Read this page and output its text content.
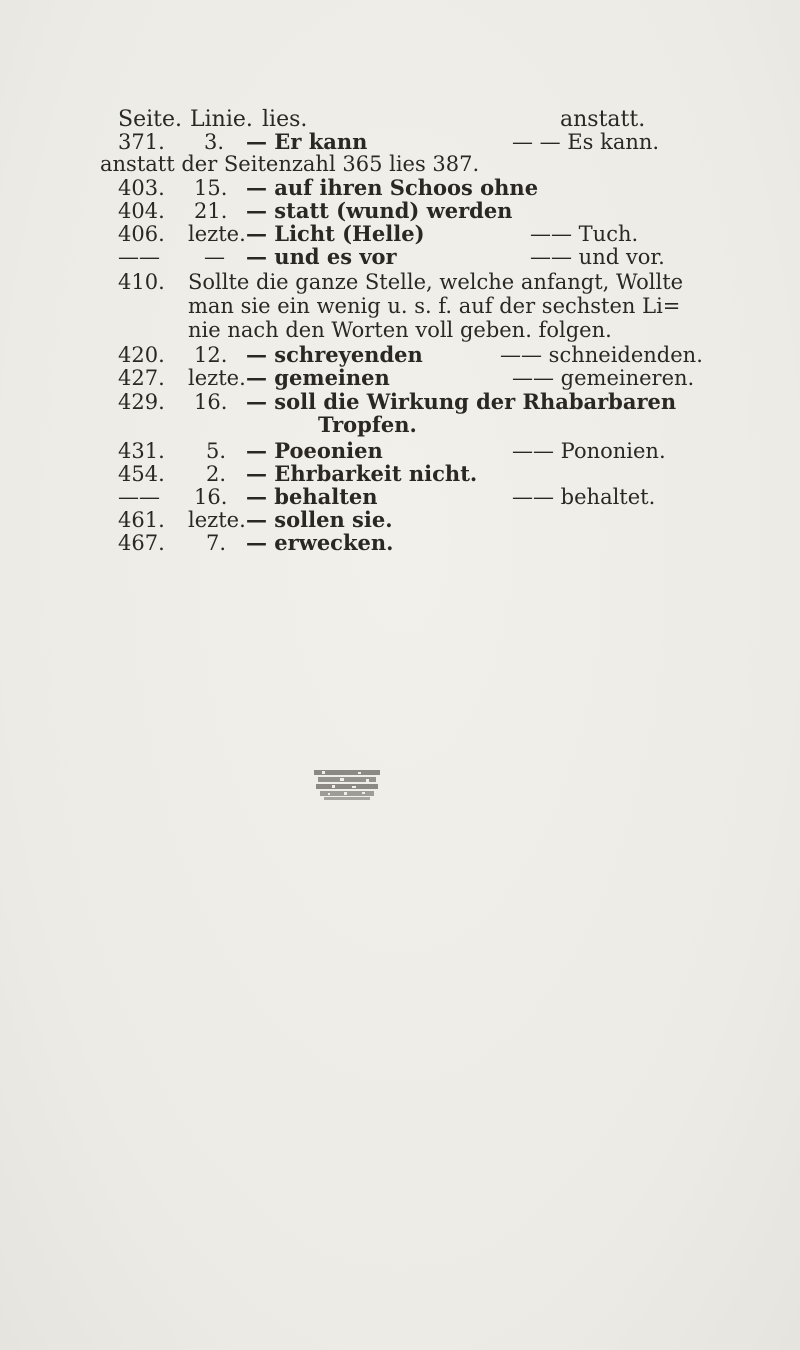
Seite. Linie. lies.	anstatt.
371. 3. — Er kann	— — Es kann.
anstatt der Seitenzahl 365 lies 387.
403. 15. — auf ihren Schoos ohne
404. 21. — statt (wund) werden
406. lezte. — Licht (Helle)	—— Tuch.
—— — — und es vor	—— und vor.
410. Sollte die ganze Stelle, welche anfangt, Wollte
man sie ein wenig u. s. f. auf der sechsten Li=
nie nach den Worten voll geben. folgen.
420. 12. — schreyenden	—— schneidenden.
427. lezte. — gemeinen	—— gemeineren.
429. 16. — soll die Wirkung der Rhabarbaren
Tropfen.
431. 5. — Poeonien	—— Pononien.
454. 2. — Ehrbarkeit nicht.
—— 16. — behalten	—— behaltet.
461. lezte. — sollen sie.
467. 7. — erwecken.
